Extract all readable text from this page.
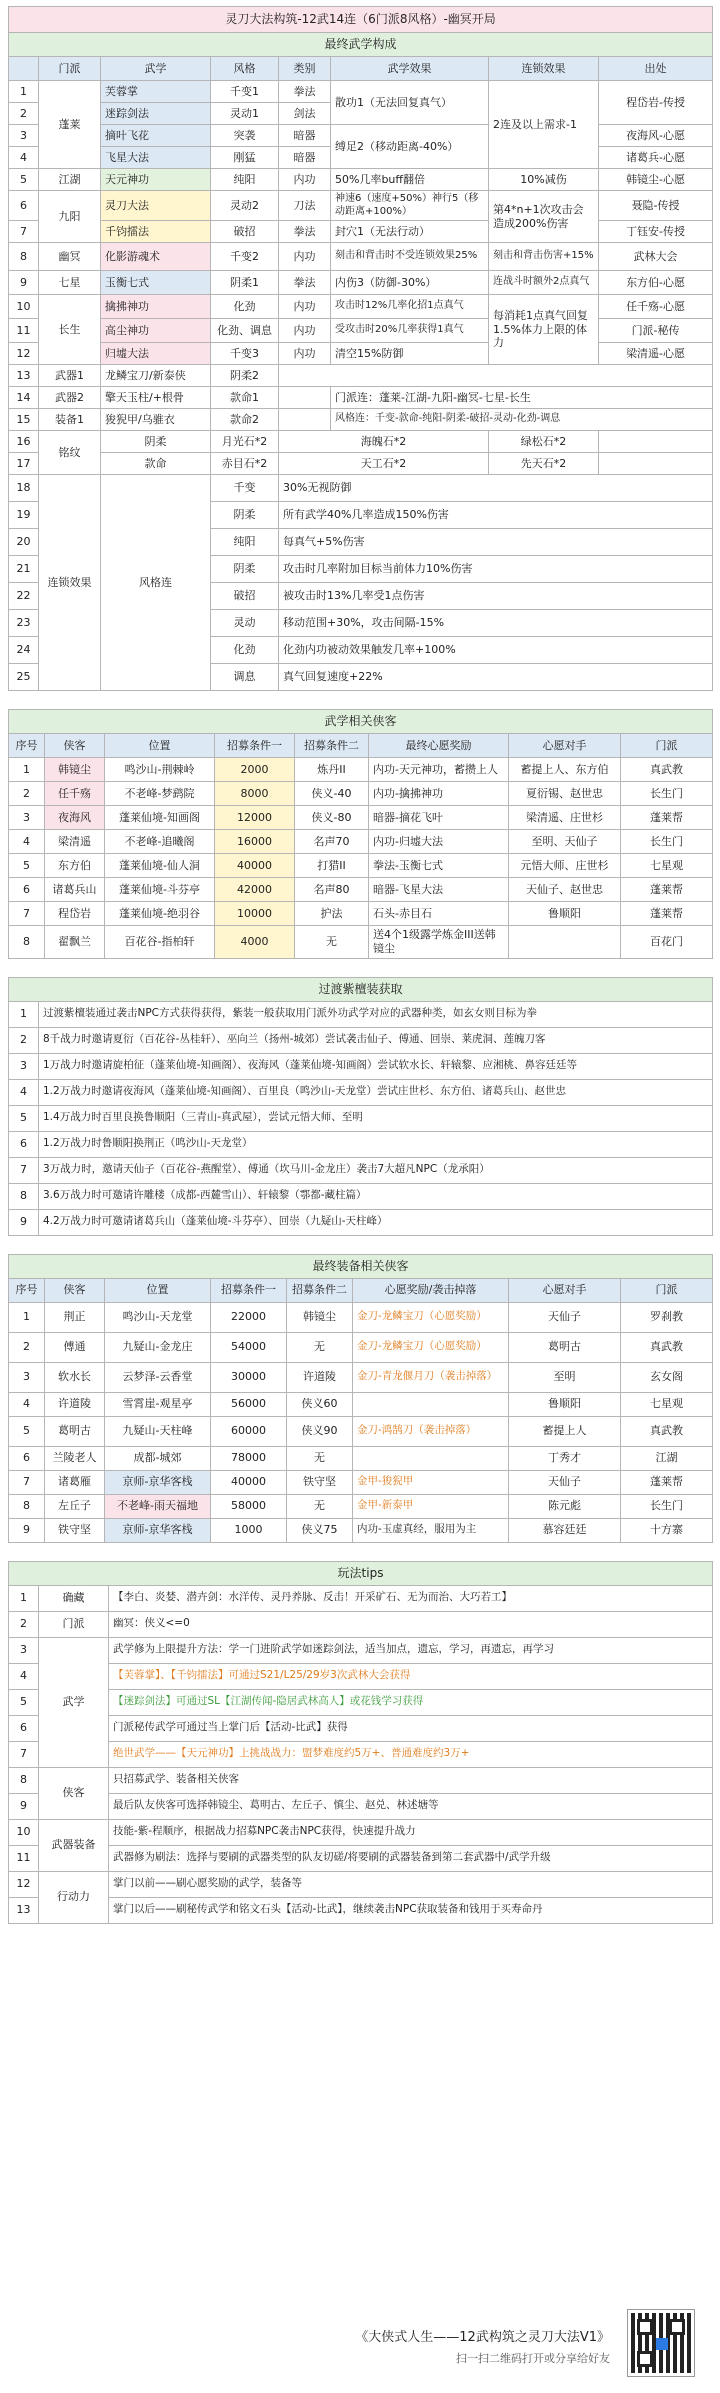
灵刀大法构筑-12武14连（6门派8风格）-幽冥开局							
最终武学构成							
	门派	武学	风格	类别	武学效果	连锁效果	出处
1	蓬莱	芙蓉掌	千变1	拳法	散功1（无法回复真气）	2连及以上需求-1	程岱岩-传授
2		迷踪剑法	灵动1	剑法			
3		摘叶飞花	突袭	暗器	缚足2（移动距离-40%）		夜海风-心愿
4		飞星大法	刚猛	暗器			诸葛兵-心愿
5	江湖	天元神功	纯阳	内功	50%几率buff翻倍	10%减伤	韩镜尘-心愿
6	九阳	灵刀大法	灵动2	刀法	神速6（速度+50%）神行5（移动距离+100%）	第4*n+1次攻击会造成200%伤害	聂隐-传授
7		千钧擂法	破招	拳法	封穴1（无法行动）		丁钰安-传授
8	幽冥	化影游魂术	千变2	内功	刻击和背击时不受连锁效果25%	刻击和背击伤害+15%	武林大会
9	七星	玉衡七式	阴柔1	拳法	内伤3（防御-30%）	连战斗时额外2点真气	东方伯-心愿
10	长生	擒拂神功	化劲	内功	攻击时12%几率化招1点真气	每消耗1点真气回复1.5%体力上限的体力	任千殇-心愿
11		高尘神功	化劲、调息	内功	受攻击时20%几率获得1真气		门派-秘传
12		归墟大法	千变3	内功	清空15%防御		梁清遥-心愿
13	武器1	龙鳞宝刀/新泰侠	阴柔2				
14	武器2	擎天玉柱/+根骨	款命1		门派连：蓬莱-江湖-九阳-幽冥-七星-长生		
15	装备1	狻猊甲/乌骓衣	款命2		风格连：千变-款命-纯阳-阴柔-破招-灵动-化劲-调息		
16	铭纹	阴柔	月光石*2	海魄石*2		绿松石*2	
17		款命	赤目石*2	天工石*2		先天石*2	
18	连锁效果	风格连	千变	30%无视防御			
19			阴柔	所有武学40%几率造成150%伤害			
20			纯阳	每真气+5%伤害			
21			阴柔	攻击时几率附加目标当前体力10%伤害			
22			破招	被攻击时13%几率受1点伤害			
23			灵动	移动范围+30%，攻击间隔-15%			
24			化劲	化劲内功被动效果触发几率+100%			
25			调息	真气回复速度+22%			
武学相关侠客							
序号	侠客	位置	招募条件一	招募条件二	最终心愿奖励	心愿对手	门派
1	韩镜尘	鸣沙山-荆棘岭	2000	炼丹II	内功-天元神功，蓄攒上人	蓄提上人、东方伯	真武教
2	任千殇	不老峰-梦鹞院	8000	侠义-40	内功-擒拂神功	夏衍锡、赵世忠	长生门
3	夜海风	蓬莱仙境-知画阁	12000	侠义-80	暗器-摘花飞叶	梁清遥、庄世杉	蓬莱帮
4	梁清遥	不老峰-追曦阁	16000	名声70	内功-归墟大法	至明、天仙子	长生门
5	东方伯	蓬莱仙境-仙人洞	40000	打猎II	拳法-玉衡七式	元悟大师、庄世杉	七星观
6	诸葛兵山	蓬莱仙境-斗芬亭	42000	名声80	暗器-飞星大法	天仙子、赵世忠	蓬莱帮
7	程岱岩	蓬莱仙境-绝羽谷	10000	护法	石头-赤目石	鲁顺阳	蓬莱帮
8	翟飘兰	百花谷-指柏轩	4000	无	送4个1级露学炼金III送韩镜尘		百花门
过渡紫檀装获取	
1	过渡紫檀装通过袭击NPC方式获得获得，紫装一般获取用门派外功武学对应的武器种类，如玄女则目标为拳
2	8千战力时邀请夏衍（百花谷-丛桂轩）、巫向兰（扬州-城郊）尝试袭击仙子、傅通、回崇、莱虎洞、莲魄刀客
3	1万战力时邀请旋柏征（蓬莱仙境-知画阁）、夜海风（蓬莱仙境-知画阁）尝试软水长、轩辕黎、应湘桃、鼻容廷廷等
4	1.2万战力时邀请夜海风（蓬莱仙境-知画阁）、百里良（鸣沙山-天龙堂）尝试庄世杉、东方伯、诸葛兵山、赵世忠
5	1.4万战力时百里良换鲁顺阳（三青山-真武屋），尝试元悟大师、至明
6	1.2万战力时鲁顺阳换荆正（鸣沙山-天龙堂）
7	3万战力时，邀请天仙子（百花谷-燕醒堂）、傅通（坎马川-金龙庄）袭击7大超凡NPC（龙承阳）
8	3.6万战力时可邀请许雕楼（成都-西麓雪山）、轩辕黎（鄠都-藏柱篇）
9	4.2万战力时可邀请诸葛兵山（蓬莱仙境-斗芬亭）、回崇（九疑山-天柱峰）
最终装备相关侠客							
序号	侠客	位置	招募条件一	招募条件二	心愿奖励/袭击掉落	心愿对手	门派
1	荆正	鸣沙山-天龙堂	22000	韩镜尘	金刀-龙鳞宝刀（心愿奖励）	天仙子	罗刹教
2	傅通	九疑山-金龙庄	54000	无	金刀-龙鳞宝刀（心愿奖励）	葛明古	真武教
3	软水长	云梦泽-云香堂	30000	许道陵	金刀-青龙偃月刀（袭击掉落）	至明	玄女阁
4	许道陵	雪霄崖-观星亭	56000	侠义60		鲁顺阳	七星观
5	葛明古	九疑山-天柱峰	60000	侠义90	金刀-鸿鹄刀（袭击掉落）	蓄提上人	真武教
6	兰陵老人	成都-城郊	78000	无		丁秀才	江湖
7	诸葛雁	京师-京华客栈	40000	铁守坚	金甲-狻猊甲	天仙子	蓬莱帮
8	左丘子	不老峰-雨天福地	58000	无	金甲-新泰甲	陈元彪	长生门
9	铁守坚	京师-京华客栈	1000	侠义75	内功-玉虚真经，服用为主	慕容廷廷	十方寨
玩法tips		
1	确藏	【李白、炎婪、潜卉剑：水洋传、灵丹养脉、反击！开采矿石、无为而治、大巧若工】
2	门派	幽冥：侠义<=0
3	武学	武学修为上限提升方法：学一门进阶武学如迷踪剑法，适当加点，遗忘，学习，再遗忘，再学习
4		【芙蓉掌】、【千钧擂法】可通过S21/L25/29岁3次武林大会获得
5		【迷踪剑法】可通过SL【江湖传闻-隐居武林高人】或花钱学习获得
6		门派秘传武学可通过当上掌门后【活动-比武】获得
7		绝世武学——【天元神功】上挑战战力：盟梦难度约5万+、普通难度约3万+
8	侠客	只招募武学、装备相关侠客
9		最后队友侠客可选择韩镜尘、葛明古、左丘子、慎尘、赵兑、林述塘等
10	武器装备	技能-紫-程顺序，根据战力招募NPC袭击NPC获得，快速提升战力
11		武器修为刷法：选择与要刷的武器类型的队友切磋/将要刷的武器装备到第二套武器中/武学升级
12	行动力	掌门以前——刷心愿奖励的武学，装备等
13		掌门以后——刷秘传武学和铭文石头【活动-比武】，继续袭击NPC获取装备和钱用于买寿命丹
《大侠式人生——12武构筑之灵刀大法V1》
扫一扫二维码打开或分享给好友
